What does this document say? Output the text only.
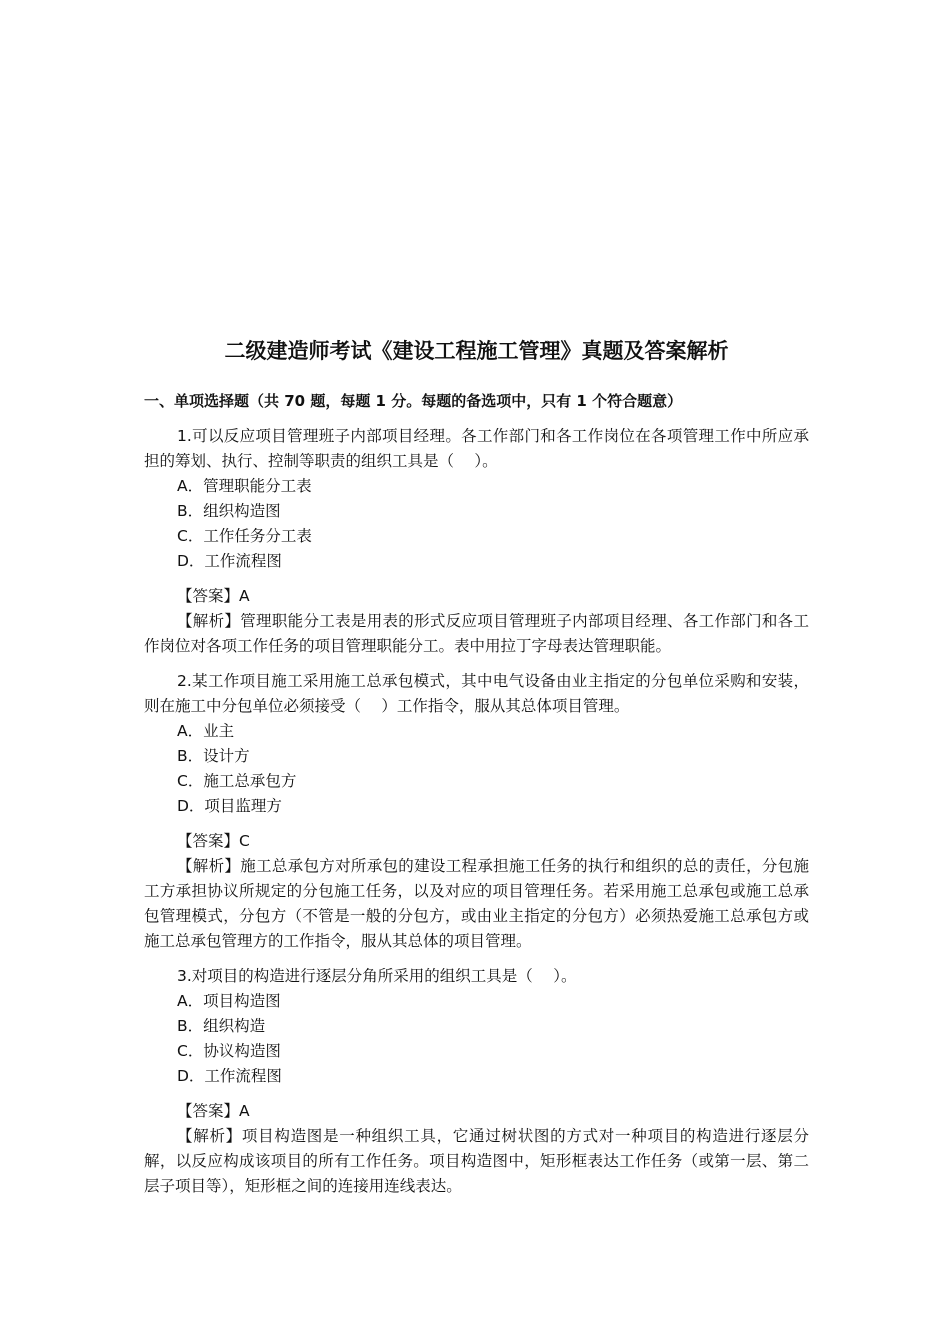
二级建造师考试《建设工程施工管理》真题及答案解析
一、单项选择题（共 70 题，每题 1 分。每题的备选项中，只有 1 个符合题意）

1.可以反应项目管理班子内部项目经理。各工作部门和各工作岗位在各项管理工作中所应承担的筹划、执行、控制等职责的组织工具是（　 ）。

A．管理职能分工表

B．组织构造图

C．工作任务分工表

D．工作流程图

【答案】A

【解析】管理职能分工表是用表的形式反应项目管理班子内部项目经理、各工作部门和各工作岗位对各项工作任务的项目管理职能分工。表中用拉丁字母表达管理职能。

2.某工作项目施工采用施工总承包模式，其中电气设备由业主指定的分包单位采购和安装，则在施工中分包单位必须接受（　 ）工作指令，服从其总体项目管理。

A．业主

B．设计方

C．施工总承包方

D．项目监理方

【答案】C

【解析】施工总承包方对所承包的建设工程承担施工任务的执行和组织的总的责任，分包施工方承担协议所规定的分包施工任务，以及对应的项目管理任务。若采用施工总承包或施工总承包管理模式，分包方（不管是一般的分包方，或由业主指定的分包方）必须热爱施工总承包方或施工总承包管理方的工作指令，服从其总体的项目管理。

3.对项目的构造进行逐层分角所采用的组织工具是（　 ）。

A．项目构造图

B．组织构造

C．协议构造图

D．工作流程图

【答案】A

【解析】项目构造图是一种组织工具，它通过树状图的方式对一种项目的构造进行逐层分解，以反应构成该项目的所有工作任务。项目构造图中，矩形框表达工作任务（或第一层、第二层子项目等），矩形框之间的连接用连线表达。
